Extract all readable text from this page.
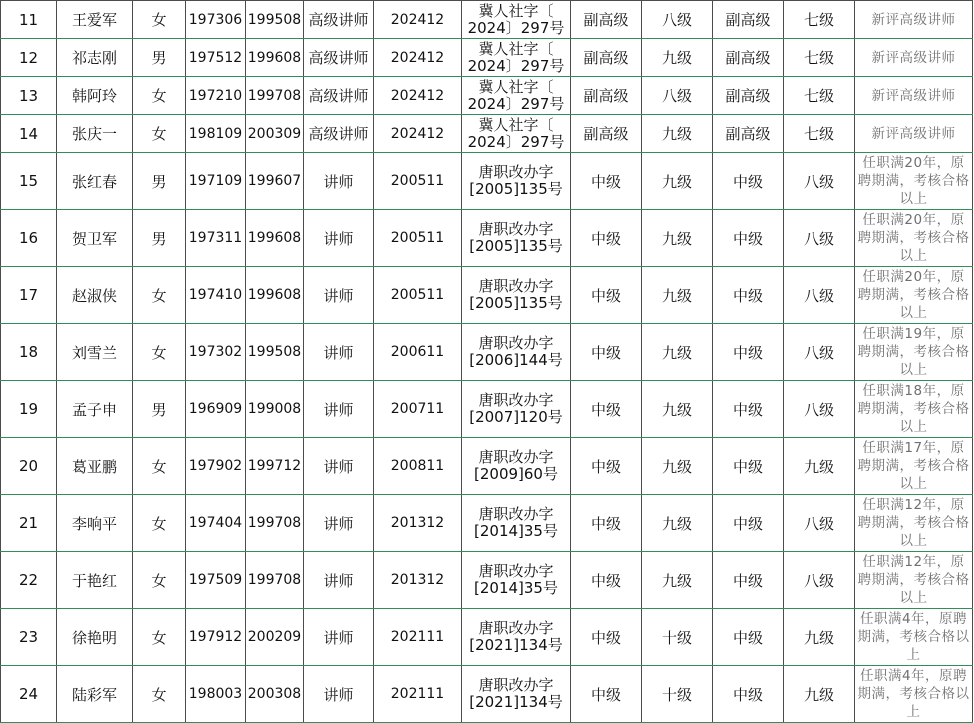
11	王爱军	女	197306	199508	高级讲师	202412	冀人社字〔
2024〕297号	副高级	八级	副高级	七级	新评高级讲师
12	祁志刚	男	197512	199608	高级讲师	202412	冀人社字〔
2024〕297号	副高级	九级	副高级	七级	新评高级讲师
13	韩阿玲	女	197210	199708	高级讲师	202412	冀人社字〔
2024〕297号	副高级	八级	副高级	七级	新评高级讲师
14	张庆一	女	198109	200309	高级讲师	202412	冀人社字〔
2024〕297号	副高级	九级	副高级	七级	新评高级讲师
15	张红春	男	197109	199607	讲师	200511	唐职改办字
[2005]135号	中级	九级	中级	八级	任职满20年，原聘期满，考核合格以上
16	贺卫军	男	197311	199608	讲师	200511	唐职改办字
[2005]135号	中级	九级	中级	八级	任职满20年，原聘期满，考核合格以上
17	赵淑侠	女	197410	199608	讲师	200511	唐职改办字
[2005]135号	中级	九级	中级	八级	任职满20年，原聘期满，考核合格以上
18	刘雪兰	女	197302	199508	讲师	200611	唐职改办字
[2006]144号	中级	九级	中级	八级	任职满19年，原聘期满，考核合格以上
19	孟子申	男	196909	199008	讲师	200711	唐职改办字
[2007]120号	中级	九级	中级	八级	任职满18年，原聘期满，考核合格以上
20	葛亚鹏	女	197902	199712	讲师	200811	唐职改办字
[2009]60号	中级	九级	中级	九级	任职满17年，原聘期满，考核合格以上
21	李响平	女	197404	199708	讲师	201312	唐职改办字
[2014]35号	中级	九级	中级	八级	任职满12年，原聘期满，考核合格以上
22	于艳红	女	197509	199708	讲师	201312	唐职改办字
[2014]35号	中级	九级	中级	八级	任职满12年，原聘期满，考核合格以上
23	徐艳明	女	197912	200209	讲师	202111	唐职改办字
[2021]134号	中级	十级	中级	九级	任职满4年，原聘期满，考核合格以上
24	陆彩军	女	198003	200308	讲师	202111	唐职改办字
[2021]134号	中级	十级	中级	九级	任职满4年，原聘期满，考核合格以上
